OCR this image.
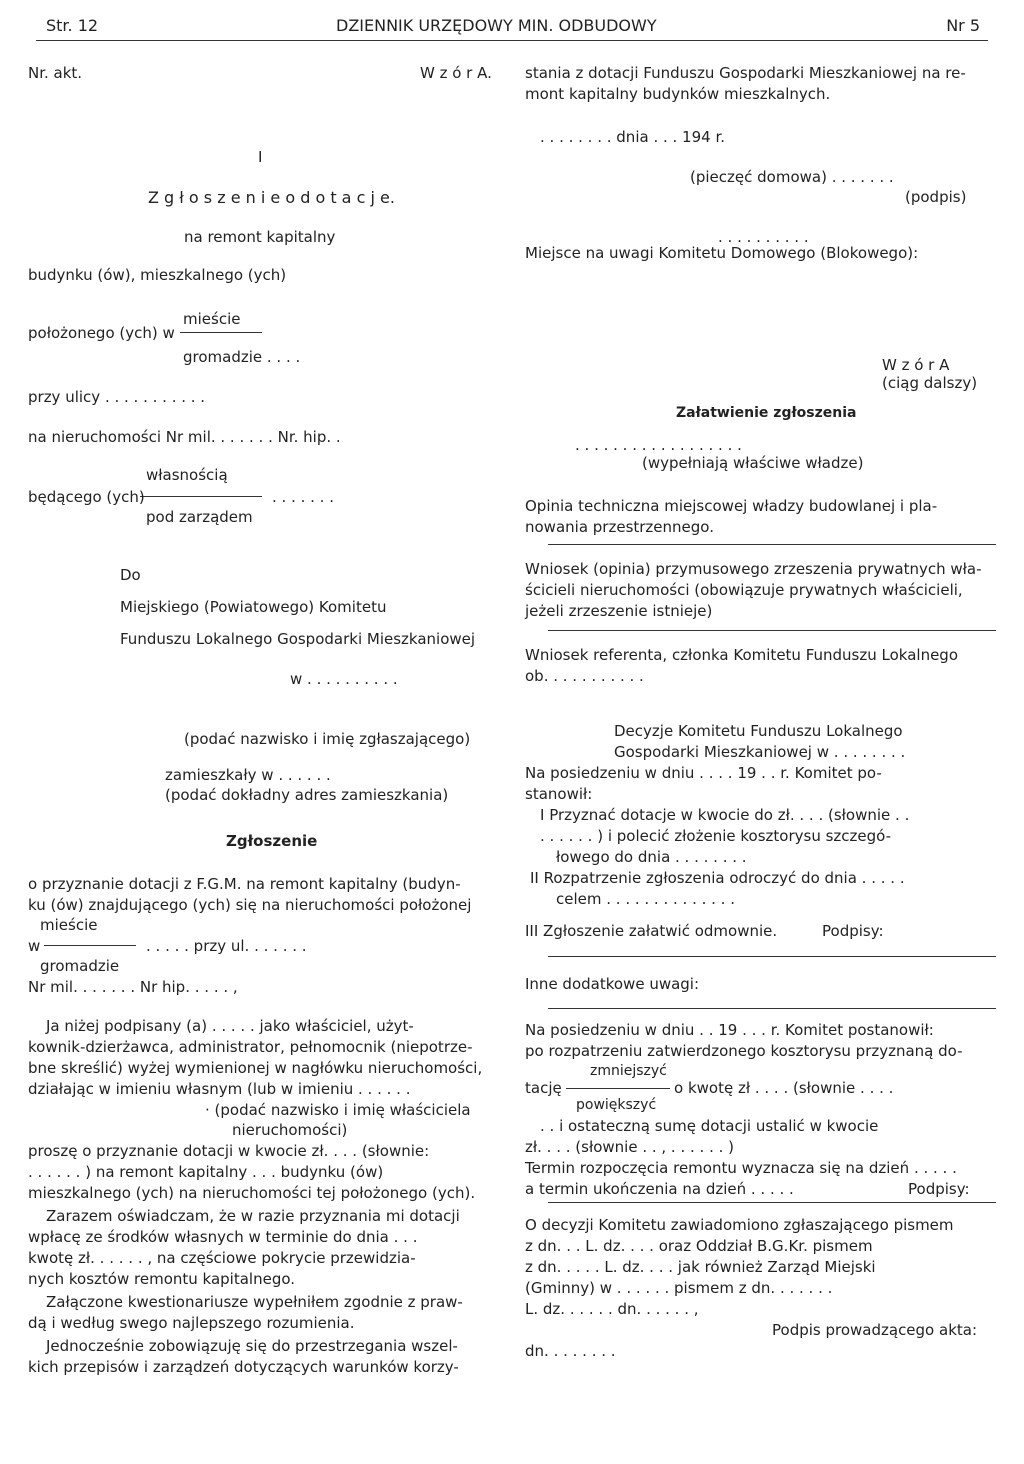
Str. 12	DZIENNIK URZĘDOWY MIN. ODBUDOWY	Nr 5
Nr. akt.	W z ó r A.
I
Z g ł o s z e n i e o d o t a c j e.
na remont kapitalny
budynku (ów), mieszkalnego (ych)
mieście
położonego (ych) w
gromadzie . . . .
przy ulicy . . . . . . . . . . .
na nieruchomości Nr mil. . . . . . . Nr. hip. .
własnością
będącego (ych)	. . . . . . .
pod zarządem
Do
Miejskiego (Powiatowego) Komitetu
Funduszu Lokalnego Gospodarki Mieszkaniowej
w . . . . . . . . . .
(podać nazwisko i imię zgłaszającego)
zamieszkały w . . . . . .
(podać dokładny adres zamieszkania)
Zgłoszenie
o przyznanie dotacji z F.G.M. na remont kapitalny (budyn-
ku (ów) znajdującego (ych) się na nieruchomości położonej
mieście
w	. . . . . przy ul. . . . . . .
gromadzie
Nr mil. . . . . . . Nr hip. . . . . ,
Ja niżej podpisany (a) . . . . . jako właściciel, użyt-
kownik-dzierżawca, administrator, pełnomocnik (niepotrze-
bne skreślić) wyżej wymienionej w nagłówku nieruchomości,
działając w imieniu własnym (lub w imieniu . . . . . .
· (podać nazwisko i imię właściciela
nieruchomości)
proszę o przyznanie dotacji w kwocie zł. . . . (słownie:
. . . . . . ) na remont kapitalny . . . budynku (ów)
mieszkalnego (ych) na nieruchomości tej położonego (ych).
Zarazem oświadczam, że w razie przyznania mi dotacji
wpłacę ze środków własnych w terminie do dnia . . .
kwotę zł. . . . . . , na częściowe pokrycie przewidzia-
nych kosztów remontu kapitalnego.
Załączone kwestionariusze wypełniłem zgodnie z praw-
dą i według swego najlepszego rozumienia.
Jednocześnie zobowiązuję się do przestrzegania wszel-
kich przepisów i zarządzeń dotyczących warunków korzy-
stania z dotacji Funduszu Gospodarki Mieszkaniowej na re-
mont kapitalny budynków mieszkalnych.
. . . . . . . . dnia . . . 194 r.
(pieczęć domowa) . . . . . . .
(podpis)
. . . . . . . . . .
Miejsce na uwagi Komitetu Domowego (Blokowego):
W z ó r A
(ciąg dalszy)
Załatwienie zgłoszenia
. . . . . . . . . . . . . . . . . .
(wypełniają właściwe władze)
Opinia techniczna miejscowej władzy budowlanej i pla-
nowania przestrzennego.
Wniosek (opinia) przymusowego zrzeszenia prywatnych wła-
ścicieli nieruchomości (obowiązuje prywatnych właścicieli,
jeżeli zrzeszenie istnieje)
Wniosek referenta, członka Komitetu Funduszu Lokalnego
ob. . . . . . . . . . .
Decyzje Komitetu Funduszu Lokalnego
Gospodarki Mieszkaniowej w . . . . . . . .
Na posiedzeniu w dniu . . . . 19 . . r. Komitet po-
stanowił:
I Przyznać dotacje w kwocie do zł. . . . (słownie . .
. . . . . . ) i polecić złożenie kosztorysu szczegó-
łowego do dnia . . . . . . . .
II Rozpatrzenie zgłoszenia odroczyć do dnia . . . . .
celem . . . . . . . . . . . . . .
III Zgłoszenie załatwić odmownie.	Podpisy:
Inne dodatkowe uwagi:
Na posiedzeniu w dniu . . 19 . . . r. Komitet postanowił:
po rozpatrzeniu zatwierdzonego kosztorysu przyznaną do-
zmniejszyć
tację	o kwotę zł . . . . (słownie . . . .
powiększyć
. . i ostateczną sumę dotacji ustalić w kwocie
zł. . . . (słownie . . , . . . . . . )
Termin rozpoczęcia remontu wyznacza się na dzień . . . . .
a termin ukończenia na dzień . . . . .	Podpisy:
O decyzji Komitetu zawiadomiono zgłaszającego pismem
z dn. . . L. dz. . . . oraz Oddział B.G.Kr. pismem
z dn. . . . . L. dz. . . . jak również Zarząd Miejski
(Gminny) w . . . . . . pismem z dn. . . . . . .
L. dz. . . . . . dn. . . . . . ,
Podpis prowadzącego akta:
dn. . . . . . . .
